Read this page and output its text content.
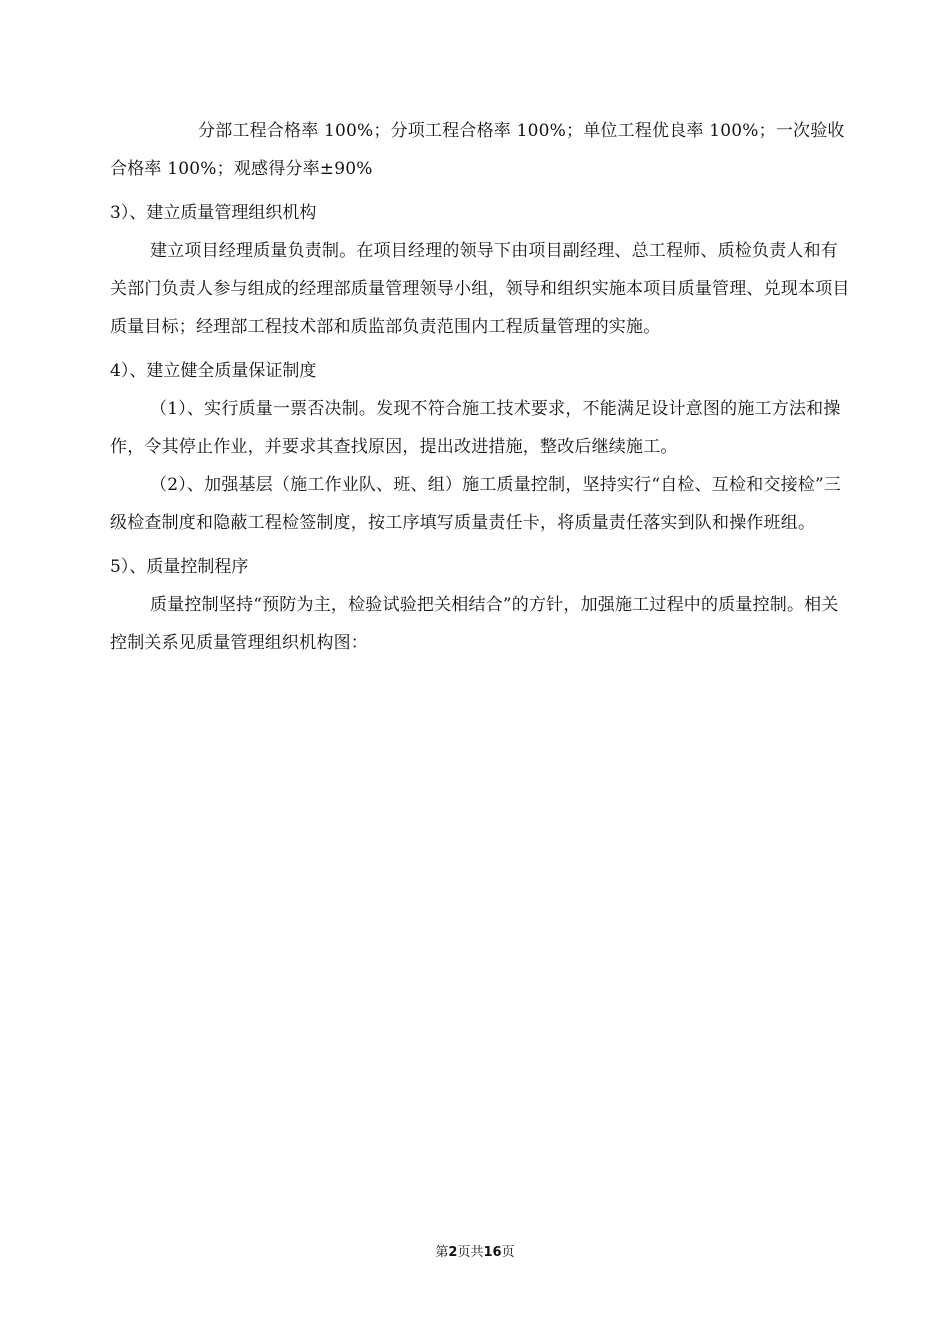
分部工程合格率 100%；分项工程合格率 100%；单位工程优良率 100%；一次验收合格率 100%；观感得分率±90%

3）、建立质量管理组织机构

建立项目经理质量负责制。在项目经理的领导下由项目副经理、总工程师、质检负责人和有关部门负责人参与组成的经理部质量管理领导小组，领导和组织实施本项目质量管理、兑现本项目质量目标；经理部工程技术部和质监部负责范围内工程质量管理的实施。

4）、建立健全质量保证制度

（1）、实行质量一票否决制。发现不符合施工技术要求，不能满足设计意图的施工方法和操作，令其停止作业，并要求其查找原因，提出改进措施，整改后继续施工。

（2）、加强基层（施工作业队、班、组）施工质量控制，坚持实行“自检、互检和交接检”三级检查制度和隐蔽工程检签制度，按工序填写质量责任卡，将质量责任落实到队和操作班组。

5）、质量控制程序

质量控制坚持“预防为主，检验试验把关相结合”的方针，加强施工过程中的质量控制。相关控制关系见质量管理组织机构图：

第2页共16页
